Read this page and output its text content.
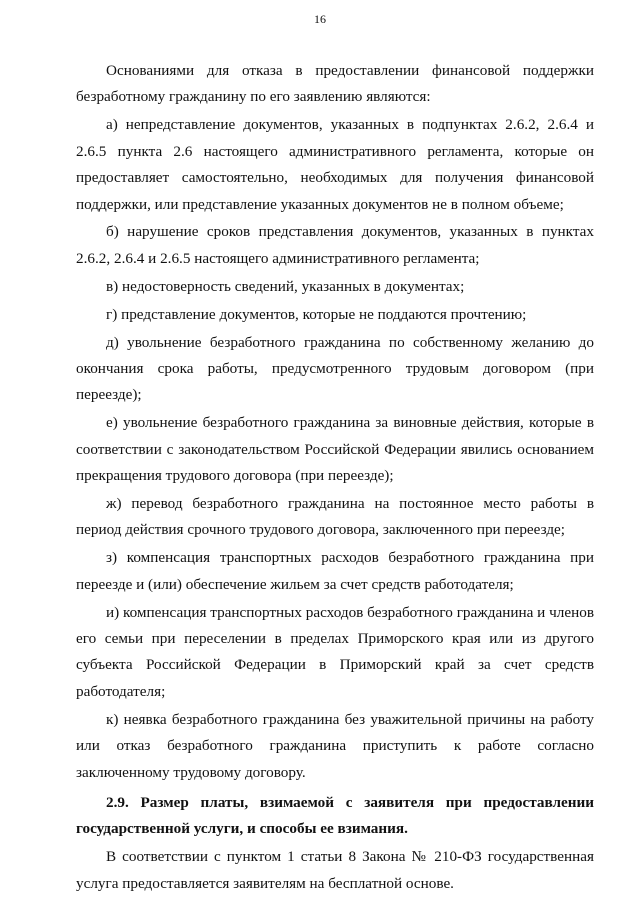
16

Основаниями для отказа в предоставлении финансовой поддержки безработному гражданину по его заявлению являются:

а) непредставление документов, указанных в подпунктах 2.6.2, 2.6.4 и 2.6.5 пункта 2.6 настоящего административного регламента, которые он предоставляет самостоятельно, необходимых для получения финансовой поддержки, или представление указанных документов не в полном объеме;

б) нарушение сроков представления документов, указанных в пунктах 2.6.2, 2.6.4 и 2.6.5 настоящего административного регламента;

в) недостоверность сведений, указанных в документах;

г) представление документов, которые не поддаются прочтению;

д) увольнение безработного гражданина по собственному желанию до окончания срока работы, предусмотренного трудовым договором (при переезде);

е) увольнение безработного гражданина за виновные действия, которые в соответствии с законодательством Российской Федерации явились основанием прекращения трудового договора (при переезде);

ж) перевод безработного гражданина на постоянное место работы в период действия срочного трудового договора, заключенного при переезде;

з) компенсация транспортных расходов безработного гражданина при переезде и (или) обеспечение жильем за счет средств работодателя;

и) компенсация транспортных расходов безработного гражданина и членов его семьи при переселении в пределах Приморского края или из другого субъекта Российской Федерации в Приморский край за счет средств работодателя;

к) неявка безработного гражданина без уважительной причины на работу или отказ безработного гражданина приступить к работе согласно заключенному трудовому договору.

2.9. Размер платы, взимаемой с заявителя при предоставлении государственной услуги, и способы ее взимания.

В соответствии с пунктом 1 статьи 8 Закона № 210-ФЗ государственная услуга предоставляется заявителям на бесплатной основе.
